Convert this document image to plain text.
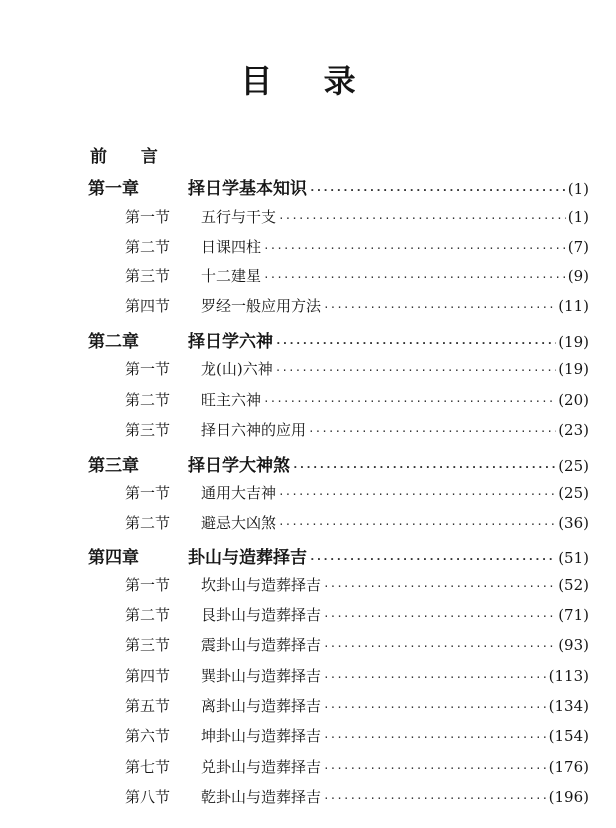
目 录
前 言
第一章	择日学基本知识 ·····	(1)
第一节	五行与干支 ·····	(1)
第二节	日课四柱 ·····	(7)
第三节	十二建星 ·····	(9)
第四节	罗经一般应用方法 ·····	(11)
第二章	择日学六神 ·····	(19)
第一节	龙(山)六神 ·····	(19)
第二节	旺主六神 ·····	(20)
第三节	择日六神的应用 ·····	(23)
第三章	择日学大神煞 ·····	(25)
第一节	通用大吉神 ·····	(25)
第二节	避忌大凶煞 ·····	(36)
第四章	卦山与造葬择吉 ·····	(51)
第一节	坎卦山与造葬择吉 ·····	(52)
第二节	艮卦山与造葬择吉 ·····	(71)
第三节	震卦山与造葬择吉 ·····	(93)
第四节	巽卦山与造葬择吉 ·····	(113)
第五节	离卦山与造葬择吉 ·····	(134)
第六节	坤卦山与造葬择吉 ·····	(154)
第七节	兑卦山与造葬择吉 ·····	(176)
第八节	乾卦山与造葬择吉 ·····	(196)
